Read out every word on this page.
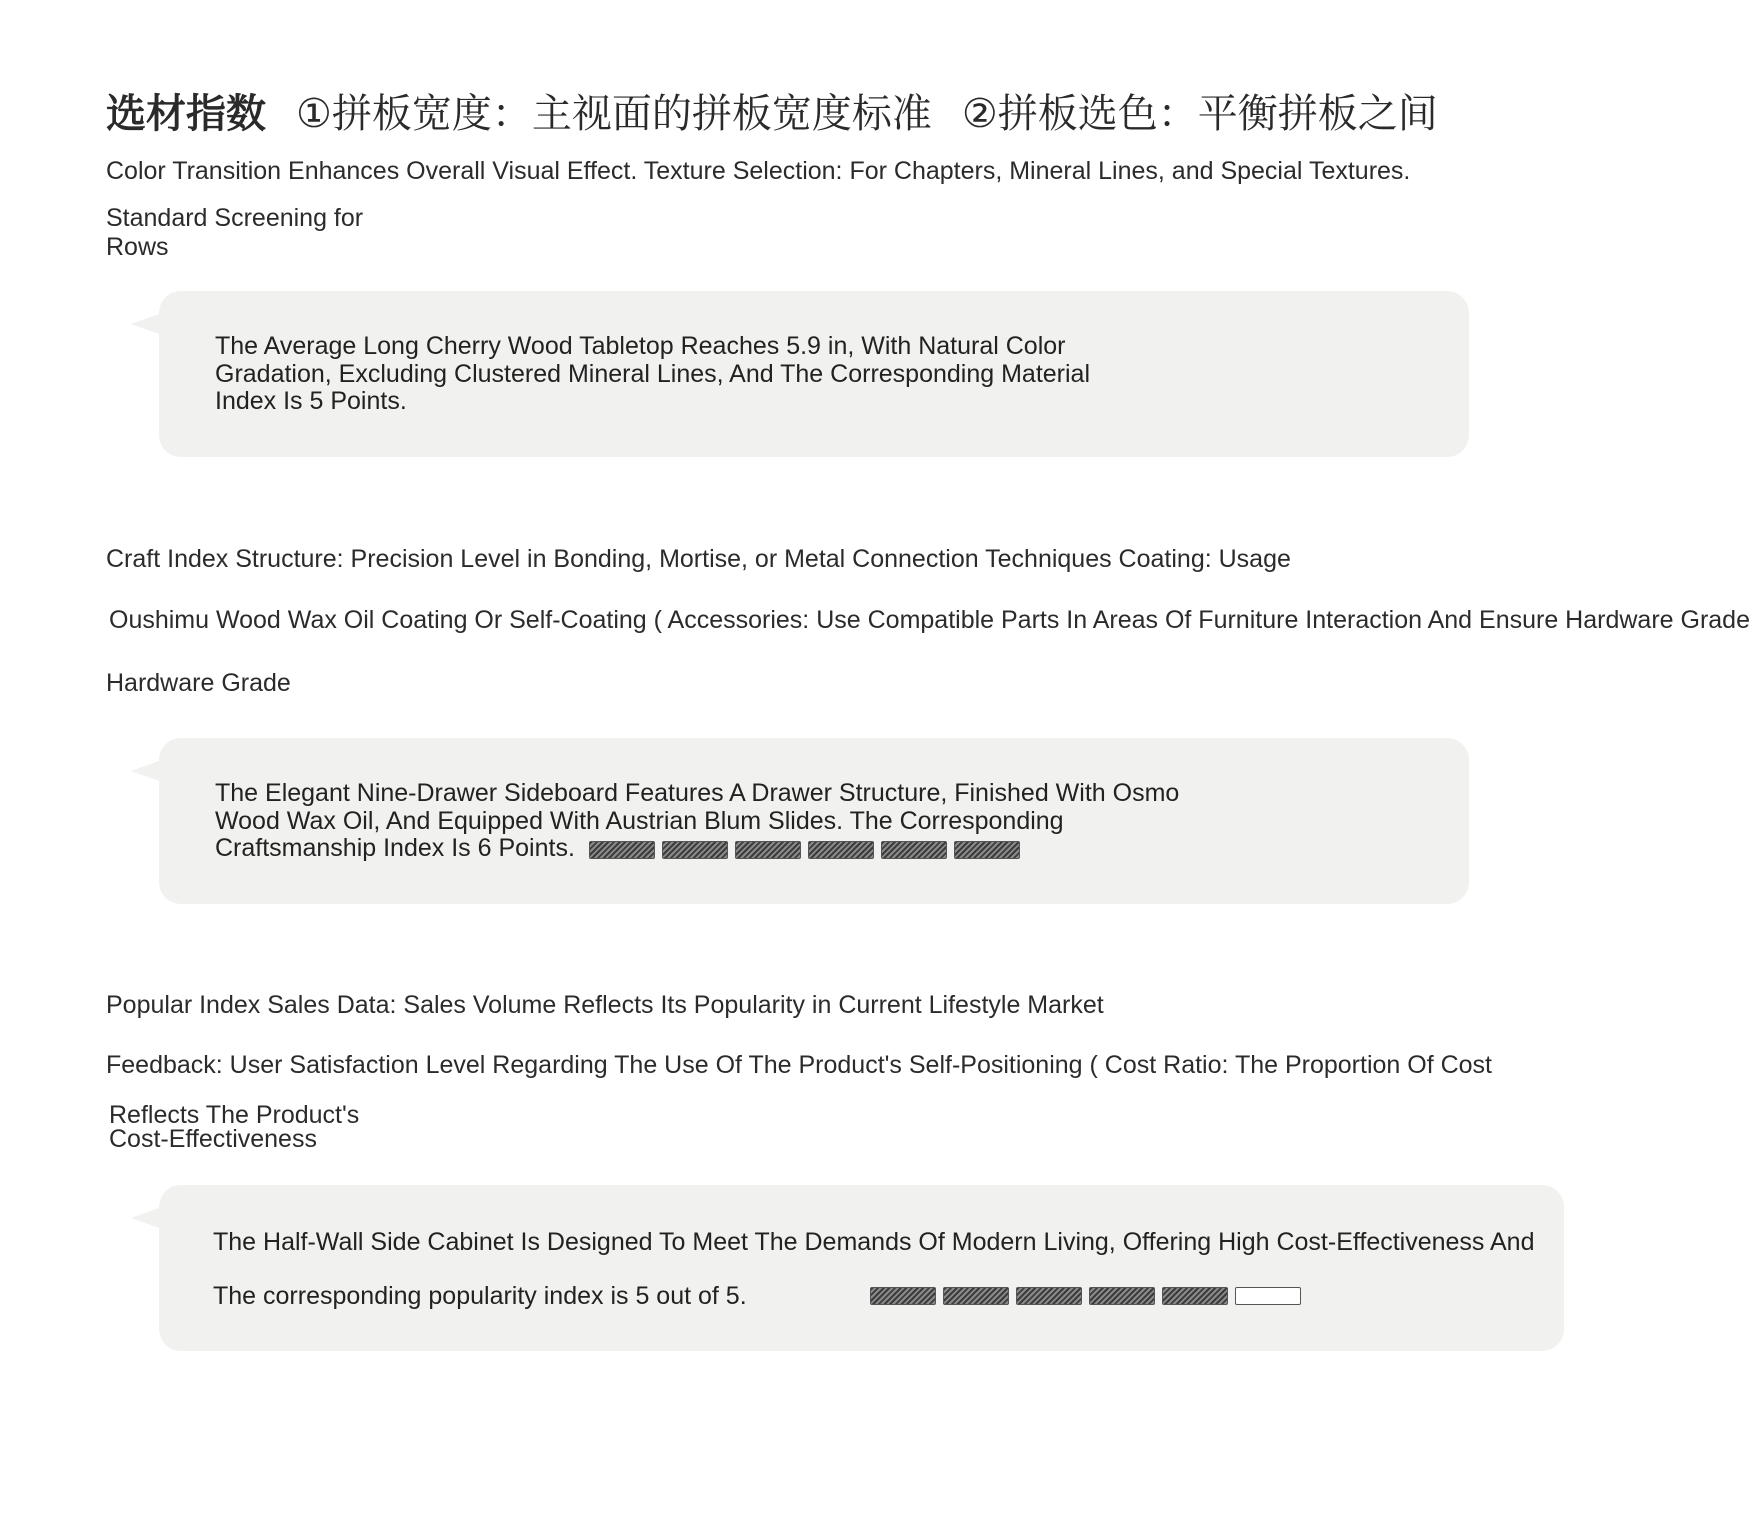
选材指数 ①拼板宽度：主视面的拼板宽度标准 ②拼板选色：平衡拼板之间
Color Transition Enhances Overall Visual Effect. Texture Selection: For Chapters, Mineral Lines, and Special Textures.
Standard Screening for Rows
The Average Long Cherry Wood Tabletop Reaches 5.9 in, With Natural Color Gradation, Excluding Clustered Mineral Lines, And The Corresponding Material Index Is 5 Points.
Craft Index Structure: Precision Level in Bonding, Mortise, or Metal Connection Techniques Coating: Usage
Oushimu Wood Wax Oil Coating Or Self-Coating ( Accessories: Use Compatible Parts In Areas Of Furniture Interaction And Ensure Hardware Grade
Hardware Grade
The Elegant Nine-Drawer Sideboard Features A Drawer Structure, Finished With Osmo Wood Wax Oil, And Equipped With Austrian Blum Slides. The Corresponding Craftsmanship Index Is 6 Points.
Popular Index Sales Data: Sales Volume Reflects Its Popularity in Current Lifestyle Market
Feedback: User Satisfaction Level Regarding The Use Of The Product's Self-Positioning ( Cost Ratio: The Proportion Of Cost
Reflects The Product's Cost-Effectiveness
The Half-Wall Side Cabinet Is Designed To Meet The Demands Of Modern Living, Offering High Cost-Effectiveness And
The corresponding popularity index is 5 out of 5.
